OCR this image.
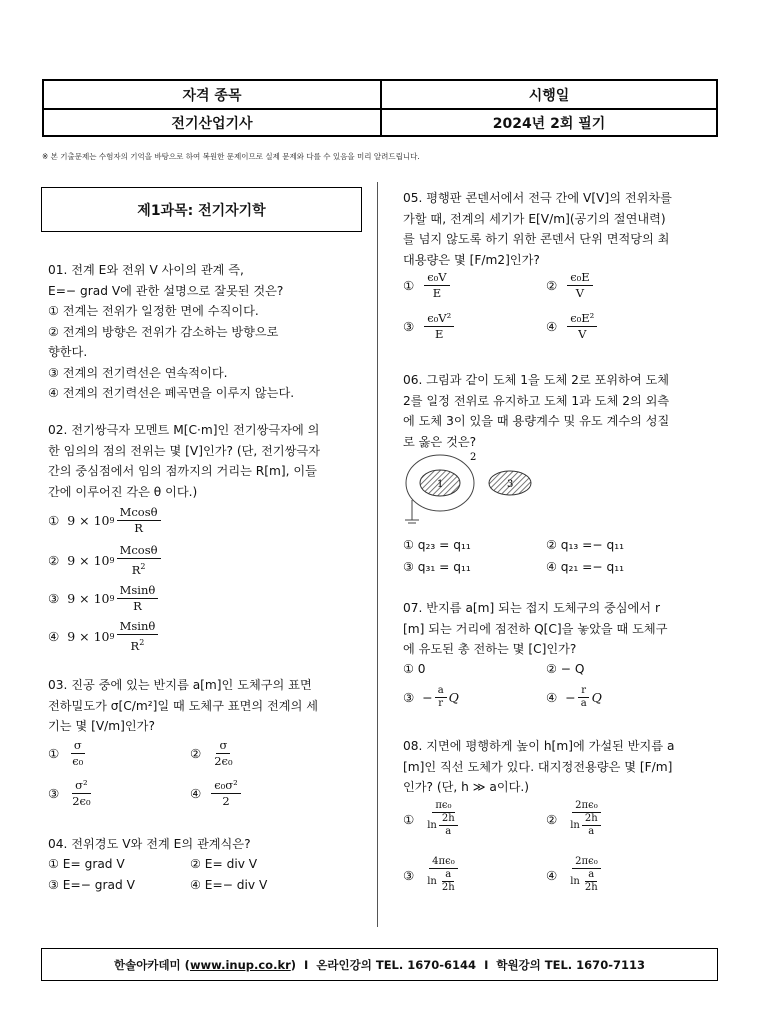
자격 종목	시행일
전기산업기사	2024년 2회 필기
※ 본 기출문제는 수험자의 기억을 바탕으로 하여 복원한 문제이므로 실제 문제와 다를 수 있음을 미리 알려드립니다.
제1과목: 전기자기학
01. 전계 E와 전위 V 사이의 관계 즉,
E=− grad V에 관한 설명으로 잘못된 것은?
① 전계는 전위가 일정한 면에 수직이다.
② 전계의 방향은 전위가 감소하는 방향으로
향한다.
③ 전계의 전기력선은 연속적이다.
④ 전계의 전기력선은 폐곡면을 이루지 않는다.
02. 전기쌍극자 모멘트 M[C·m]인 전기쌍극자에 의
한 임의의 점의 전위는 몇 [V]인가? (단, 전기쌍극자
간의 중심점에서 임의 점까지의 거리는 R[m], 이들
간에 이루어진 각은 θ 이다.)
① 9 × 10 $9 \frac{Mcos\theta}{R}$
② 9 × 10 $9 \frac{Mcos\theta}{R^2}$
③ 9 × 10 $9 \frac{Msin\theta}{R}$
④ 9 × 10 $9 \frac{Msin\theta}{R^2}$
03. 진공 중에 있는 반지름 a[m]인 도체구의 표면
전하밀도가 σ[C/m²]일 때 도체구 표면의 전계의 세
기는 몇 [V/m]인가?
① $\frac{\sigma}{\text{ϵ₀}}$	② $\frac{\sigma}{\text{2ϵ₀}}$
③ $\frac{\text{σ²}}{\text{2ϵ₀}}$	④ $\frac{\text{ϵ₀σ²}}{2}$
04. 전위경도 V와 전계 E의 관계식은?
① E= grad V	② E= div V
③ E=− grad V	④ E=− div V
05. 평행판 콘덴서에서 전극 간에 V[V]의 전위차를
가할 때, 전계의 세기가 E[V/m](공기의 절연내력)
를 넘지 않도록 하기 위한 콘덴서 단위 면적당의 최
대용량은 몇 [F/m2]인가?
① $\frac{\text{ϵ₀V}}{E}$	② $\frac{\text{ϵ₀E}}{V}$
③ $\frac{\text{ϵ₀V²}}{E}$	④ $\frac{\text{ϵ₀E²}}{V}$
06. 그림과 같이 도체 1을 도체 2로 포위하여 도체
2를 일정 전위로 유지하고 도체 1과 도체 2의 외측
에 도체 3이 있을 때 용량계수 및 유도 계수의 성질
로 옳은 것은?
1
2
3
① q₂₃ = q₁₁	② q₁₃ =− q₁₁
③ q₃₁ = q₁₁	④ q₂₁ =− q₁₁
07. 반지름 a[m] 되는 접지 도체구의 중심에서 r
[m] 되는 거리에 점전하 Q[C]을 놓았을 때 도체구
에 유도된 총 전하는 몇 [C]인가?
① 0	② − Q
③ − $\frac{a}{r}$ Q	④ − $\frac{r}{a}$ Q
08. 지면에 평행하게 높이 h[m]에 가설된 반지름 a
[m]인 직선 도체가 있다. 대지정전용량은 몇 [F/m]
인가? (단, h ≫ a이다.)
① $\frac{\text{πϵ₀}}{\ln \frac{2h}{a}}$	② $\frac{\text{2πϵ₀}}{\ln \frac{2h}{a}}$
③ $\frac{\text{4πϵ₀}}{\ln \frac{a}{2h}}$	④ $\frac{\text{2πϵ₀}}{\ln \frac{a}{2h}}$
한솔아카데미 ( www.inup.co.kr ) I 온라인강의 TEL. 1670-6144 I 학원강의 TEL. 1670-7113
